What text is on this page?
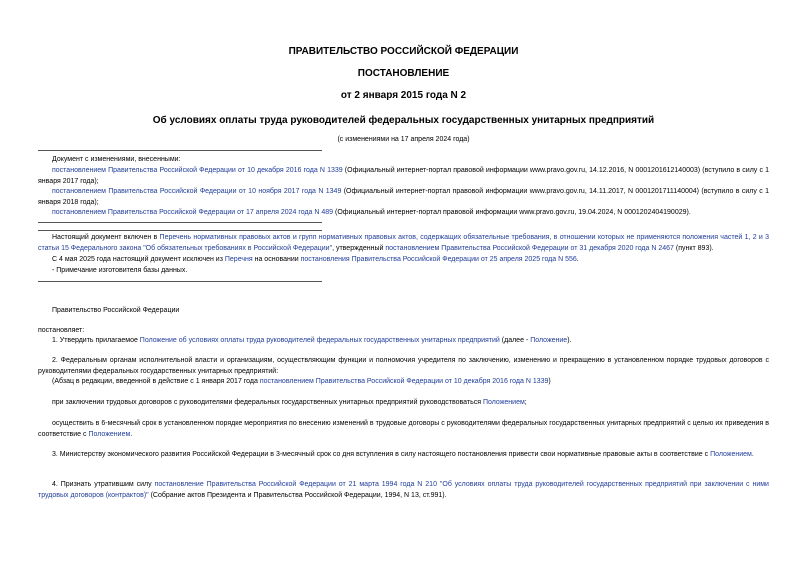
ПРАВИТЕЛЬСТВО РОССИЙСКОЙ ФЕДЕРАЦИИ
ПОСТАНОВЛЕНИЕ
от 2 января 2015 года N 2
Об условиях оплаты труда руководителей федеральных государственных унитарных предприятий
(с изменениями на 17 апреля 2024 года)
Документ с изменениями, внесенными:
постановлением Правительства Российской Федерации от 10 декабря 2016 года N 1339 (Официальный интернет-портал правовой информации www.pravo.gov.ru, 14.12.2016, N 0001201612140003) (вступило в силу с 1 января 2017 года);
постановлением Правительства Российской Федерации от 10 ноября 2017 года N 1349 (Официальный интернет-портал правовой информации www.pravo.gov.ru, 14.11.2017, N 0001201711140004) (вступило в силу с 1 января 2018 года);
постановлением Правительства Российской Федерации от 17 апреля 2024 года N 489 (Официальный интернет-портал правовой информации www.pravo.gov.ru, 19.04.2024, N 0001202404190029).
Настоящий документ включен в Перечень нормативных правовых актов и групп нормативных правовых актов, содержащих обязательные требования, в отношении которых не применяются положения частей 1, 2 и 3 статьи 15 Федерального закона "Об обязательных требованиях в Российской Федерации", утвержденный постановлением Правительства Российской Федерации от 31 декабря 2020 года N 2467 (пункт 893).
С 4 мая 2025 года настоящий документ исключен из Перечня на основании постановления Правительства Российской Федерации от 25 апреля 2025 года N 556.
- Примечание изготовителя базы данных.
Правительство Российской Федерации
постановляет:
1. Утвердить прилагаемое Положение об условиях оплаты труда руководителей федеральных государственных унитарных предприятий (далее - Положение).
2. Федеральным органам исполнительной власти и организациям, осуществляющим функции и полномочия учредителя по заключению, изменению и прекращению в установленном порядке трудовых договоров с руководителями федеральных государственных унитарных предприятий:
(Абзац в редакции, введенной в действие с 1 января 2017 года постановлением Правительства Российской Федерации от 10 декабря 2016 года N 1339)
при заключении трудовых договоров с руководителями федеральных государственных унитарных предприятий руководствоваться Положением;
осуществить в 6-месячный срок в установленном порядке мероприятия по внесению изменений в трудовые договоры с руководителями федеральных государственных унитарных предприятий с целью их приведения в соответствие с Положением.
3. Министерству экономического развития Российской Федерации в 3-месячный срок со дня вступления в силу настоящего постановления привести свои нормативные правовые акты в соответствие с Положением.
4. Признать утратившим силу постановление Правительства Российской Федерации от 21 марта 1994 года N 210 "Об условиях оплаты труда руководителей государственных предприятий при заключении с ними трудовых договоров (контрактов)" (Собрание актов Президента и Правительства Российской Федерации, 1994, N 13, ст.991).
